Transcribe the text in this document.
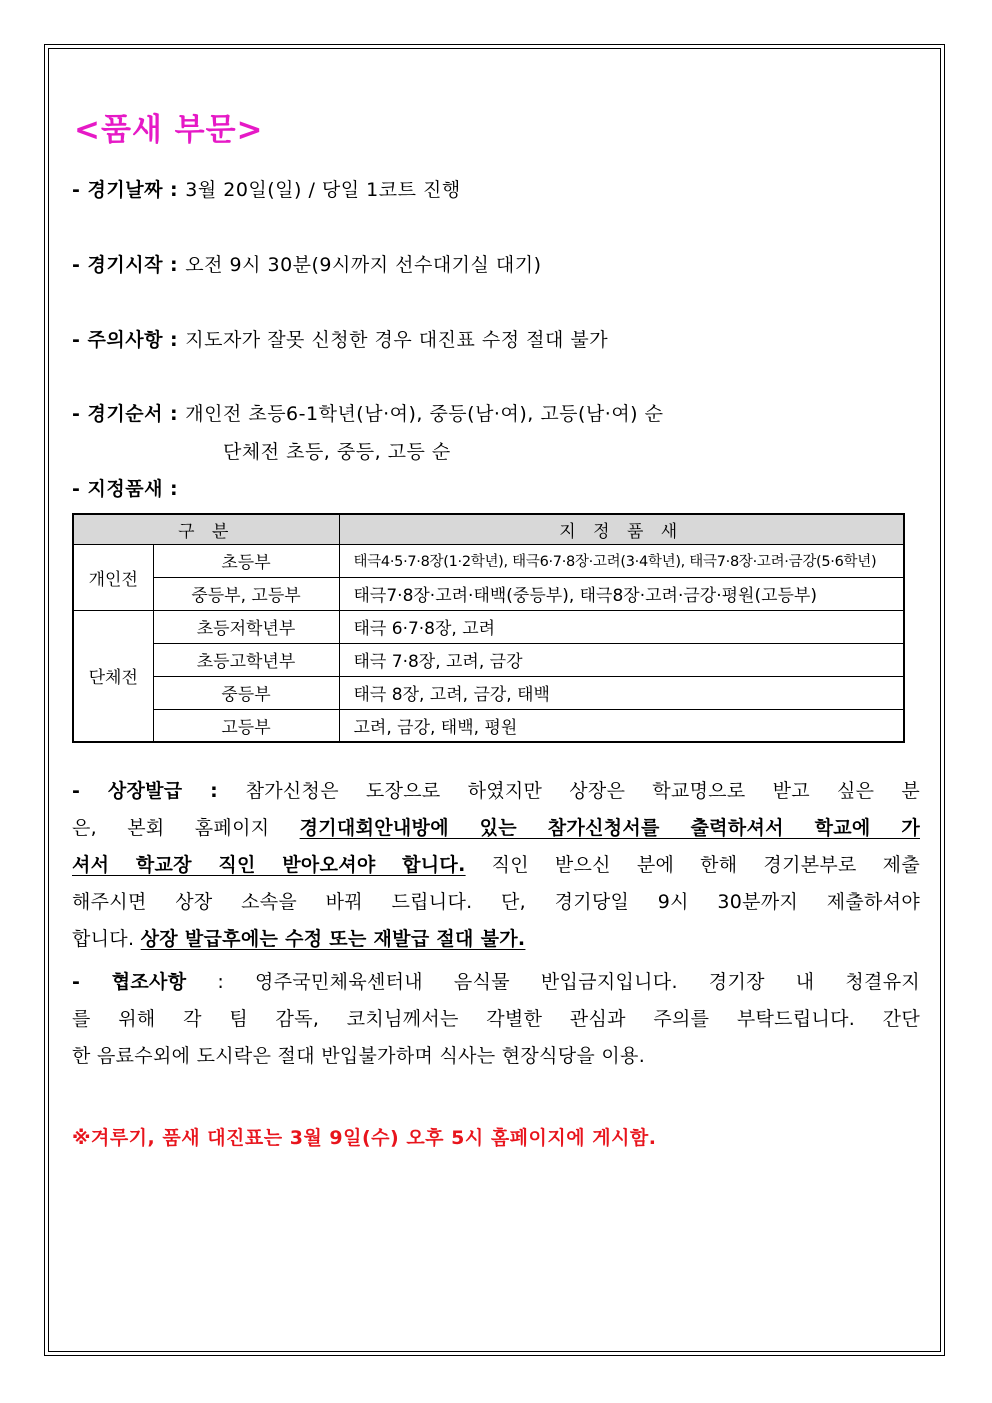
<품새 부문>
- 경기날짜 : 3월 20일(일) / 당일 1코트 진행
- 경기시작 : 오전 9시 30분(9시까지 선수대기실 대기)
- 주의사항 : 지도자가 잘못 신청한 경우 대진표 수정 절대 불가
- 경기순서 : 개인전 초등6-1학년(남·여), 중등(남·여), 고등(남·여) 순
단체전 초등, 중등, 고등 순
- 지정품새 :
구 분		지 정 품 새
개인전	초등부	태극4·5·7·8장(1·2학년), 태극6·7·8장·고려(3·4학년), 태극7·8장·고려·금강(5·6학년)
	중등부, 고등부	태극7·8장·고려·태백(중등부), 태극8장·고려·금강·평원(고등부)
단체전	초등저학년부	태극 6·7·8장, 고려
	초등고학년부	태극 7·8장, 고려, 금강
	중등부	태극 8장, 고려, 금강, 태백
	고등부	고려, 금강, 태백, 평원
- 상장발급 : 참가신청은 도장으로 하였지만 상장은 학교명으로 받고 싶은 분
은, 본회 홈페이지 경기대회안내방에 있는 참가신청서를 출력하셔서 학교에 가
셔서 학교장 직인 받아오셔야 합니다. 직인 받으신 분에 한해 경기본부로 제출
해주시면 상장 소속을 바꿔 드립니다. 단, 경기당일 9시 30분까지 제출하셔야
합니다. 상장 발급후에는 수정 또는 재발급 절대 불가.
- 협조사항 : 영주국민체육센터내 음식물 반입금지입니다. 경기장 내 청결유지
를 위해 각 팀 감독, 코치님께서는 각별한 관심과 주의를 부탁드립니다. 간단
한 음료수외에 도시락은 절대 반입불가하며 식사는 현장식당을 이용.
※겨루기, 품새 대진표는 3월 9일(수) 오후 5시 홈페이지에 게시함.
